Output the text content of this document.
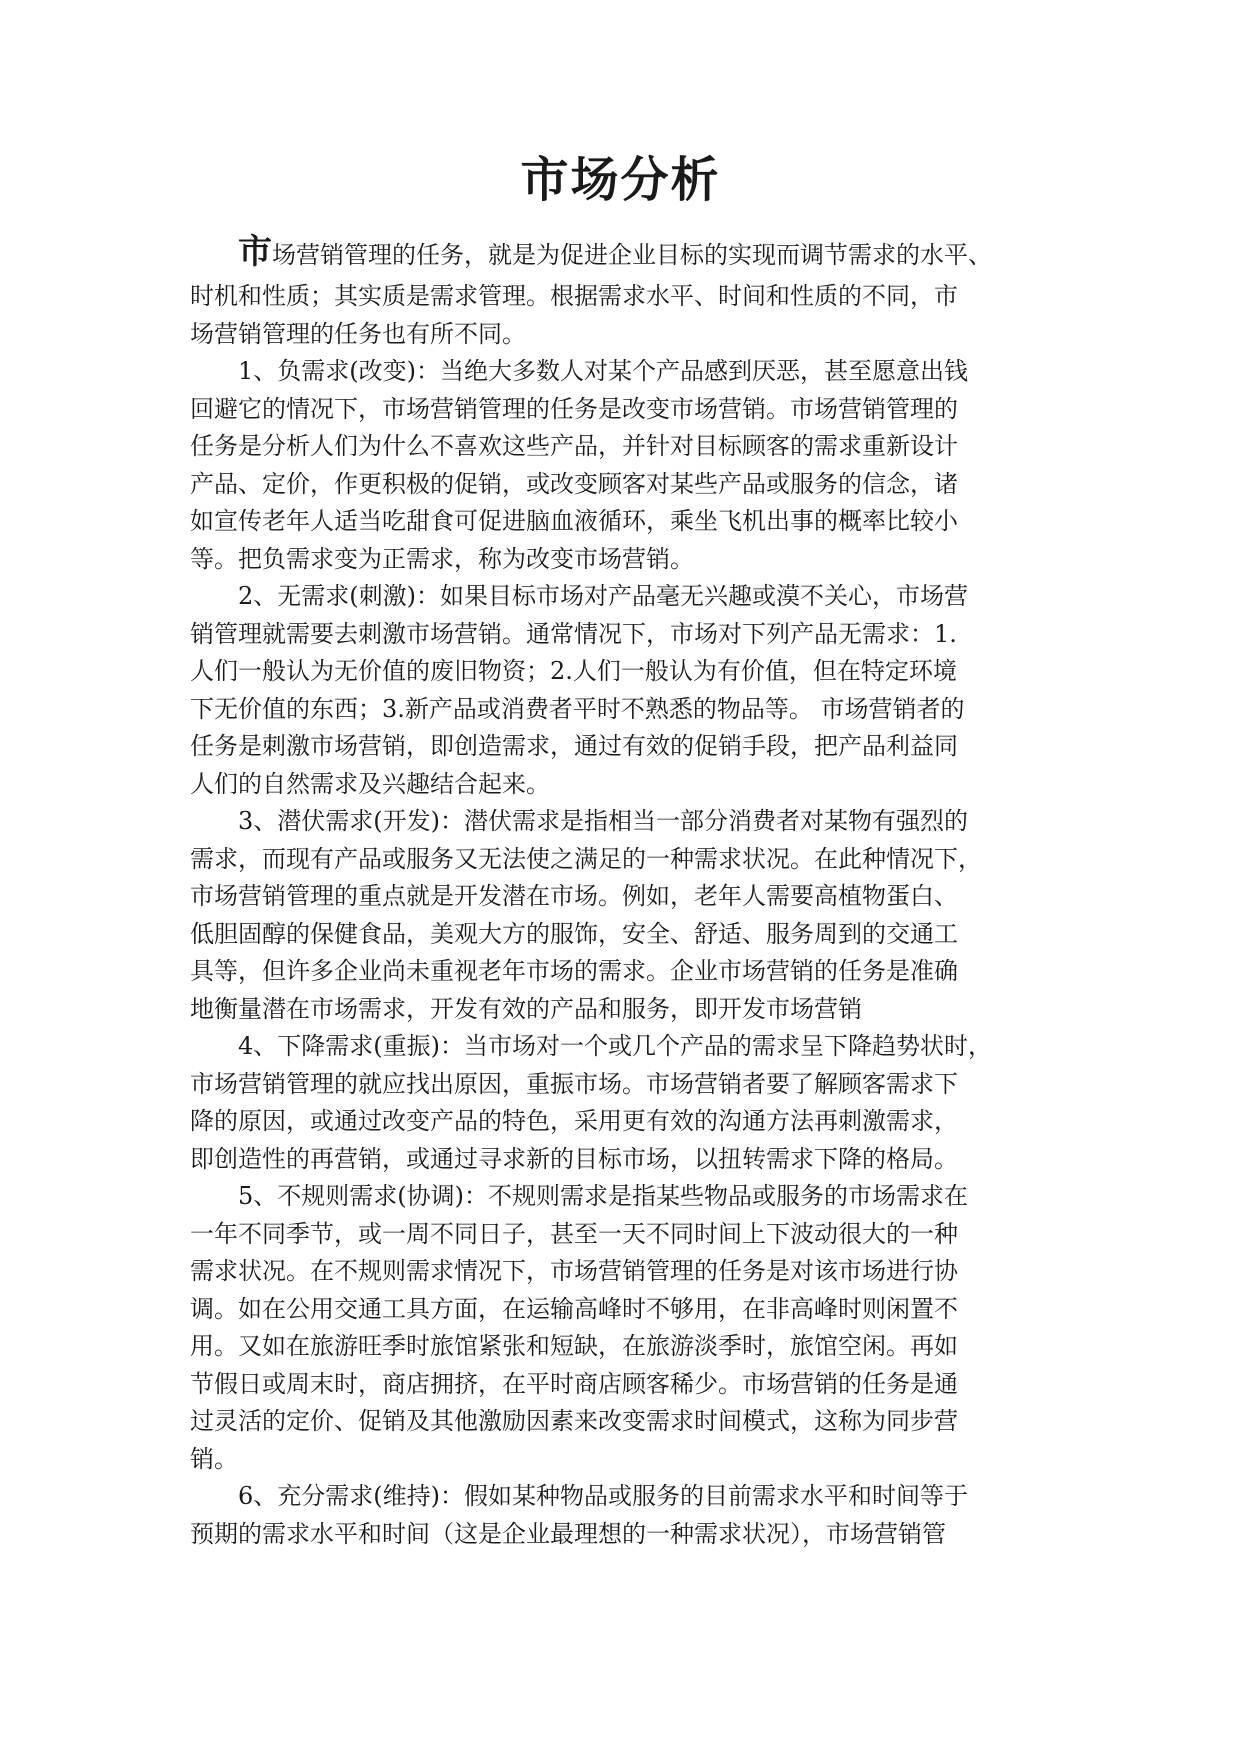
市场分析
市场营销管理的任务，就是为促进企业目标的实现而调节需求的水平、
时机和性质；其实质是需求管理。根据需求水平、时间和性质的不同，市
场营销管理的任务也有所不同。
1、负需求(改变)：当绝大多数人对某个产品感到厌恶，甚至愿意出钱
回避它的情况下，市场营销管理的任务是改变市场营销。市场营销管理的
任务是分析人们为什么不喜欢这些产品，并针对目标顾客的需求重新设计
产品、定价，作更积极的促销，或改变顾客对某些产品或服务的信念，诸
如宣传老年人适当吃甜食可促进脑血液循环，乘坐飞机出事的概率比较小
等。把负需求变为正需求，称为改变市场营销。
2、无需求(刺激)：如果目标市场对产品毫无兴趣或漠不关心，市场营
销管理就需要去刺激市场营销。通常情况下，市场对下列产品无需求：1.
人们一般认为无价值的废旧物资；2.人们一般认为有价值，但在特定环境
下无价值的东西；3.新产品或消费者平时不熟悉的物品等。 市场营销者的
任务是刺激市场营销，即创造需求，通过有效的促销手段，把产品利益同
人们的自然需求及兴趣结合起来。
3、潜伏需求(开发)：潜伏需求是指相当一部分消费者对某物有强烈的
需求，而现有产品或服务又无法使之满足的一种需求状况。在此种情况下，
市场营销管理的重点就是开发潜在市场。例如，老年人需要高植物蛋白、
低胆固醇的保健食品，美观大方的服饰，安全、舒适、服务周到的交通工
具等，但许多企业尚未重视老年市场的需求。企业市场营销的任务是准确
地衡量潜在市场需求，开发有效的产品和服务，即开发市场营销
4、下降需求(重振)：当市场对一个或几个产品的需求呈下降趋势状时，
市场营销管理的就应找出原因，重振市场。市场营销者要了解顾客需求下
降的原因，或通过改变产品的特色，采用更有效的沟通方法再刺激需求，
即创造性的再营销，或通过寻求新的目标市场，以扭转需求下降的格局。
5、不规则需求(协调)：不规则需求是指某些物品或服务的市场需求在
一年不同季节，或一周不同日子，甚至一天不同时间上下波动很大的一种
需求状况。在不规则需求情况下，市场营销管理的任务是对该市场进行协
调。如在公用交通工具方面，在运输高峰时不够用，在非高峰时则闲置不
用。又如在旅游旺季时旅馆紧张和短缺，在旅游淡季时，旅馆空闲。再如
节假日或周末时，商店拥挤，在平时商店顾客稀少。市场营销的任务是通
过灵活的定价、促销及其他激励因素来改变需求时间模式，这称为同步营
销。
6、充分需求(维持)：假如某种物品或服务的目前需求水平和时间等于
预期的需求水平和时间（这是企业最理想的一种需求状况），市场营销管
